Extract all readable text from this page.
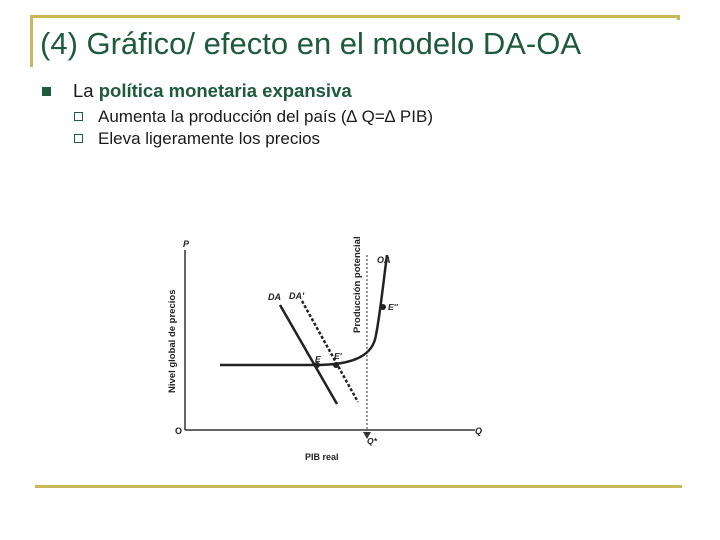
(4) Gráfico/ efecto en el modelo DA-OA
La política monetaria expansiva
Aumenta la producción del país (∆ Q=∆ PIB)
Eleva ligeramente los precios
P
Q
O
Nivel global de precios
PIB real
Producción potencial
Q*
OA
DA DA'
E E'
E''
